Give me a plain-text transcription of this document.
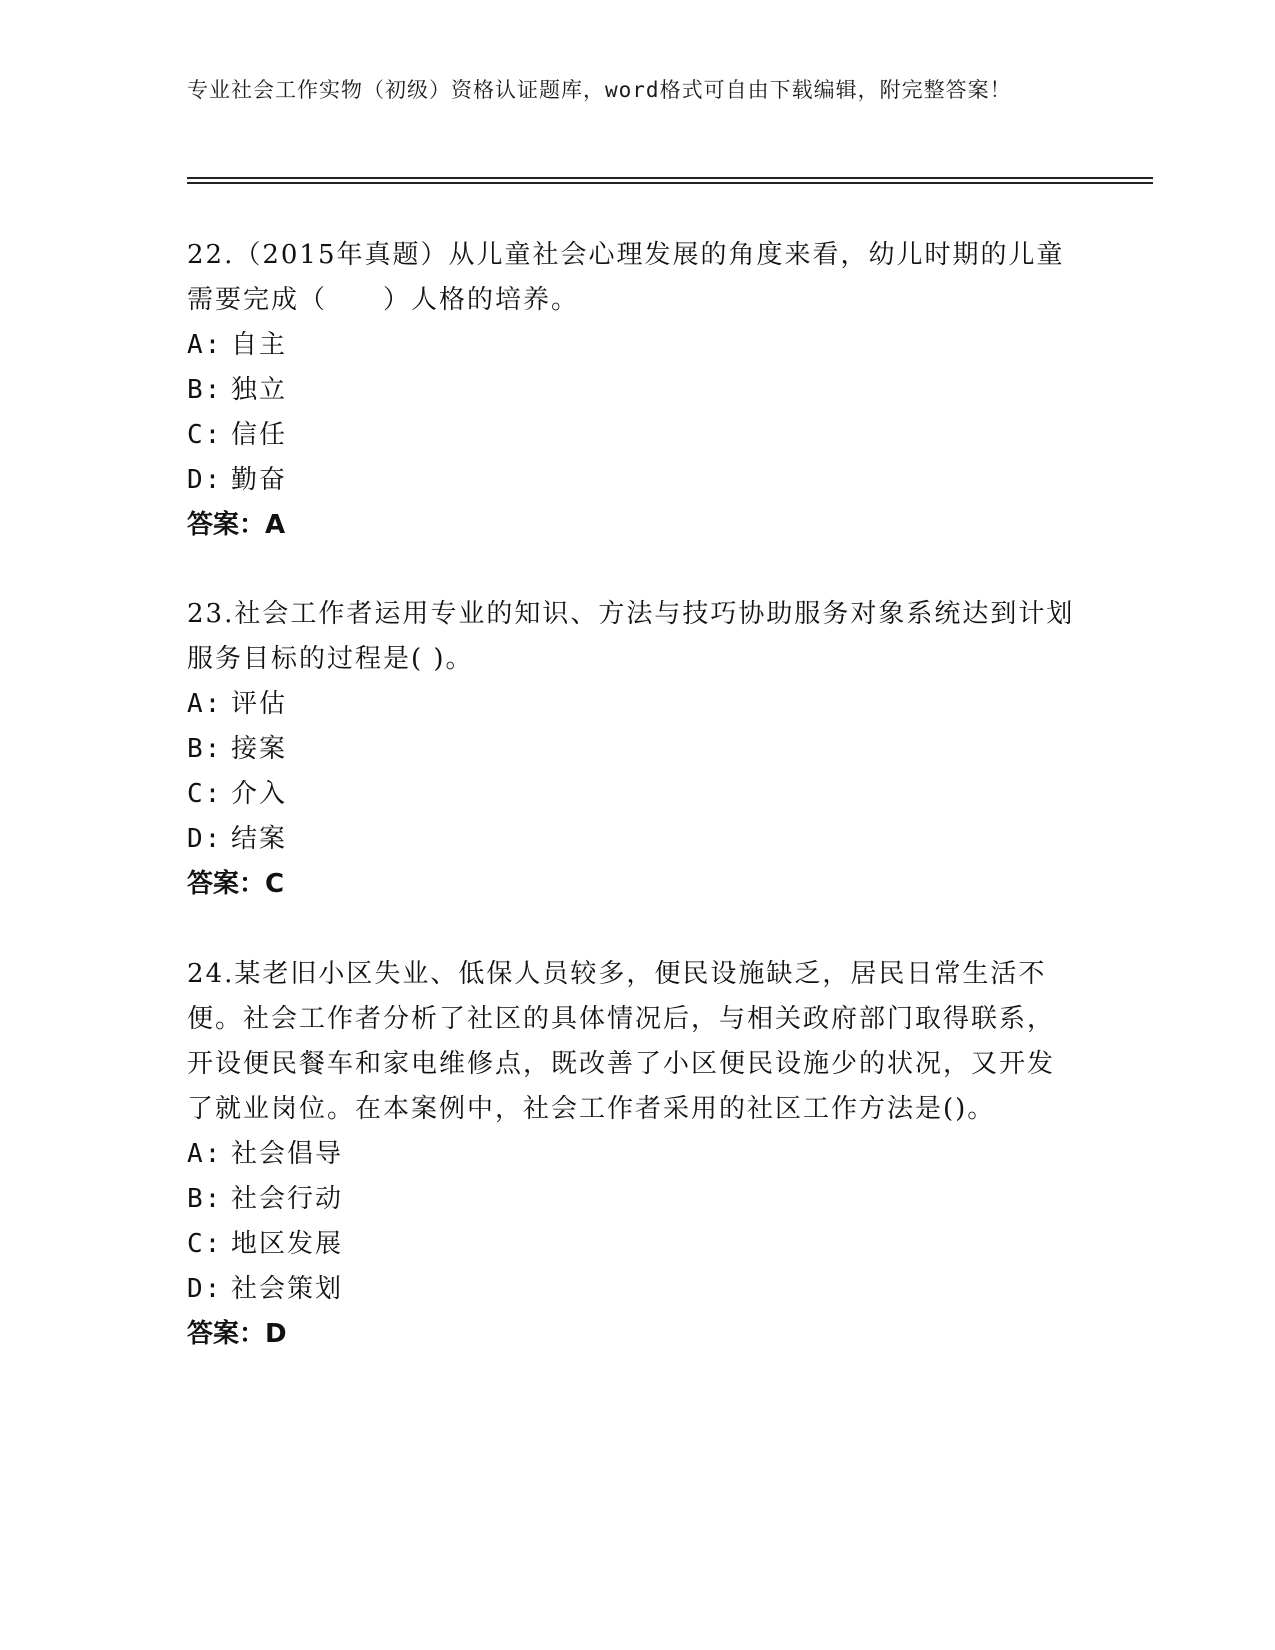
专业社会工作实物（初级）资格认证题库，word格式可自由下载编辑，附完整答案！

22.（2015年真题）从儿童社会心理发展的角度来看，幼儿时期的儿童需要完成（　　）人格的培养。

A: 自主
B: 独立
C: 信任
D: 勤奋
答案：A

23.社会工作者运用专业的知识、方法与技巧协助服务对象系统达到计划服务目标的过程是( )。

A: 评估
B: 接案
C: 介入
D: 结案
答案：C

24.某老旧小区失业、低保人员较多，便民设施缺乏，居民日常生活不便。社会工作者分析了社区的具体情况后，与相关政府部门取得联系，开设便民餐车和家电维修点，既改善了小区便民设施少的状况，又开发了就业岗位。在本案例中，社会工作者采用的社区工作方法是()。

A: 社会倡导
B: 社会行动
C: 地区发展
D: 社会策划
答案：D
